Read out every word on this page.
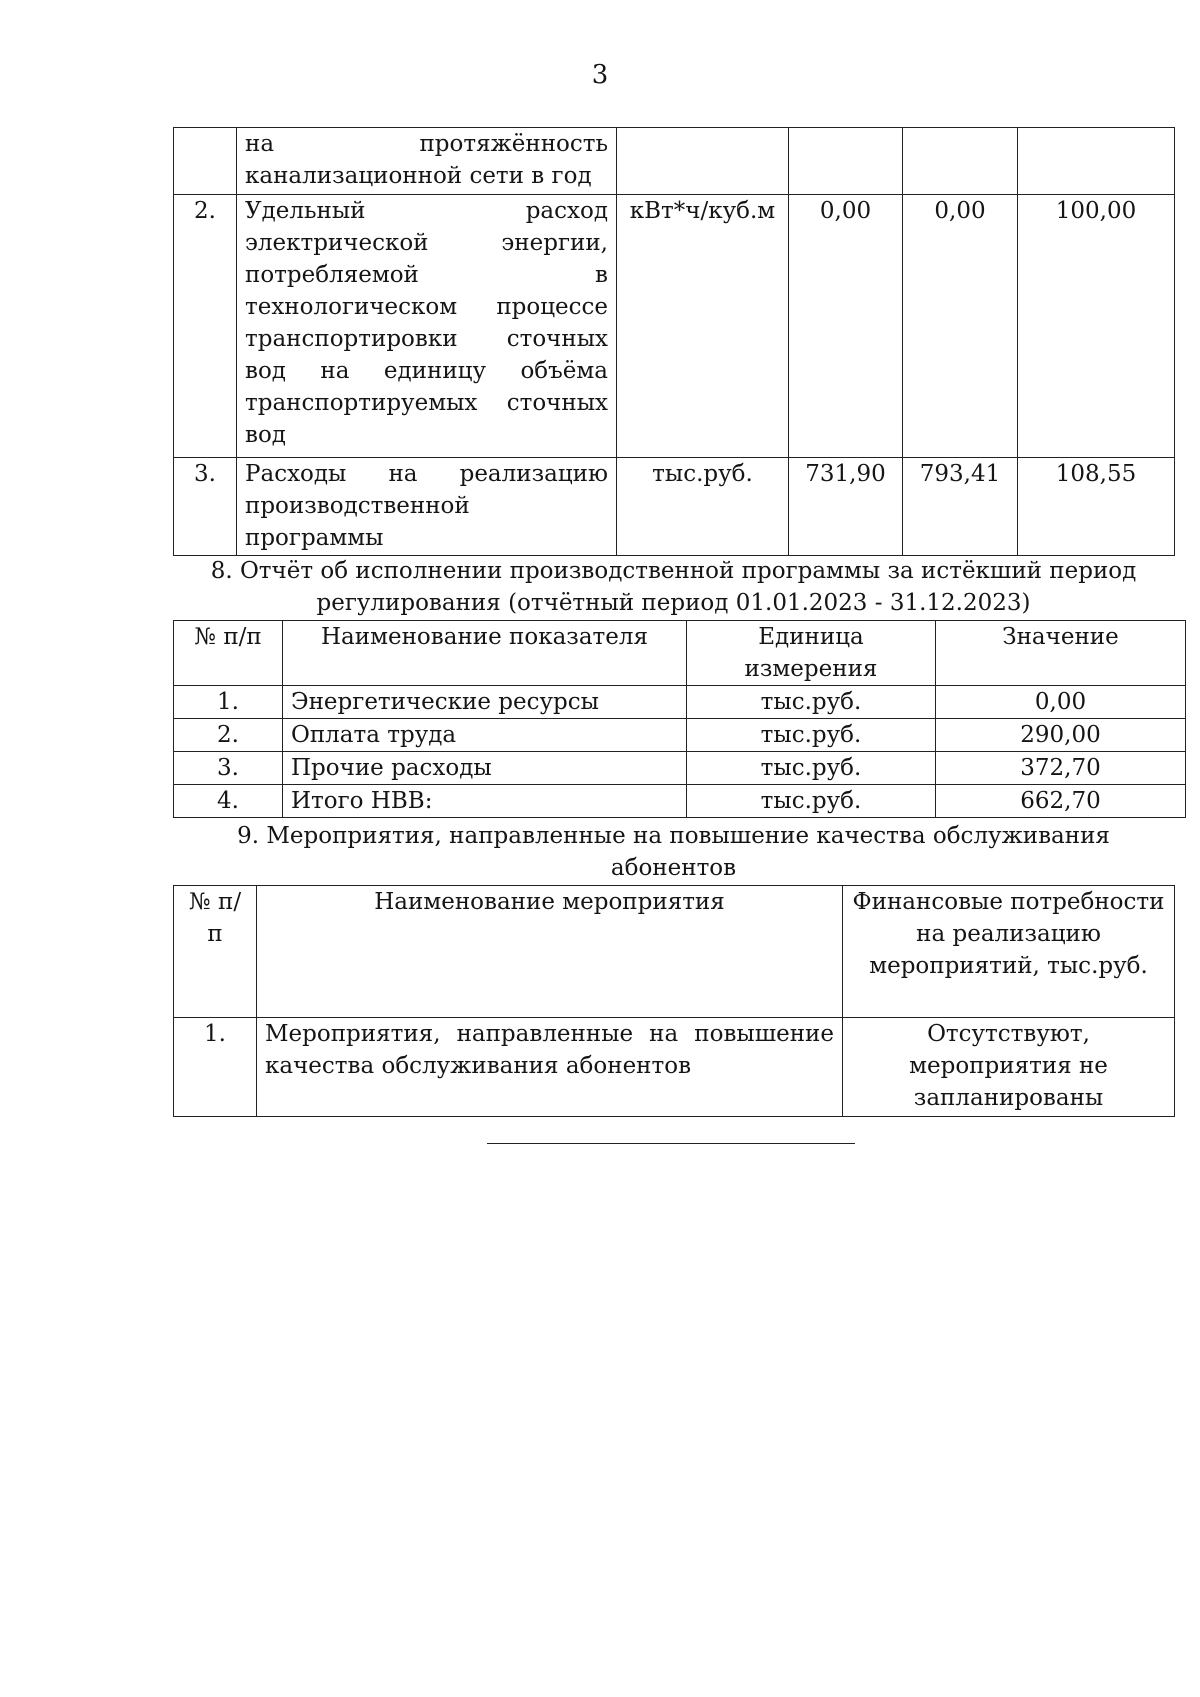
3
	на протяжённость канализационной сети в год				
2.	Удельный расход электрической энергии, потребляемой в технологическом процессе транспортировки сточных вод на единицу объёма транспортируемых сточных вод	кВт*ч/куб.м	0,00	0,00	100,00
3.	Расходы на реализацию производственной программы	тыс.руб.	731,90	793,41	108,55
8. Отчёт об исполнении производственной программы за истёкший период регулирования (отчётный период 01.01.2023 - 31.12.2023)
№ п/п	Наименование показателя	Единица измерения	Значение
1.	Энергетические ресурсы	тыс.руб.	0,00
2.	Оплата труда	тыс.руб.	290,00
3.	Прочие расходы	тыс.руб.	372,70
4.	Итого НВВ:	тыс.руб.	662,70
9. Мероприятия, направленные на повышение качества обслуживания абонентов
№ п/п	Наименование мероприятия	Финансовые потребности на реализацию мероприятий, тыс.руб.
1.	Мероприятия, направленные на повышение качества обслуживания абонентов	Отсутствуют, мероприятия не запланированы
